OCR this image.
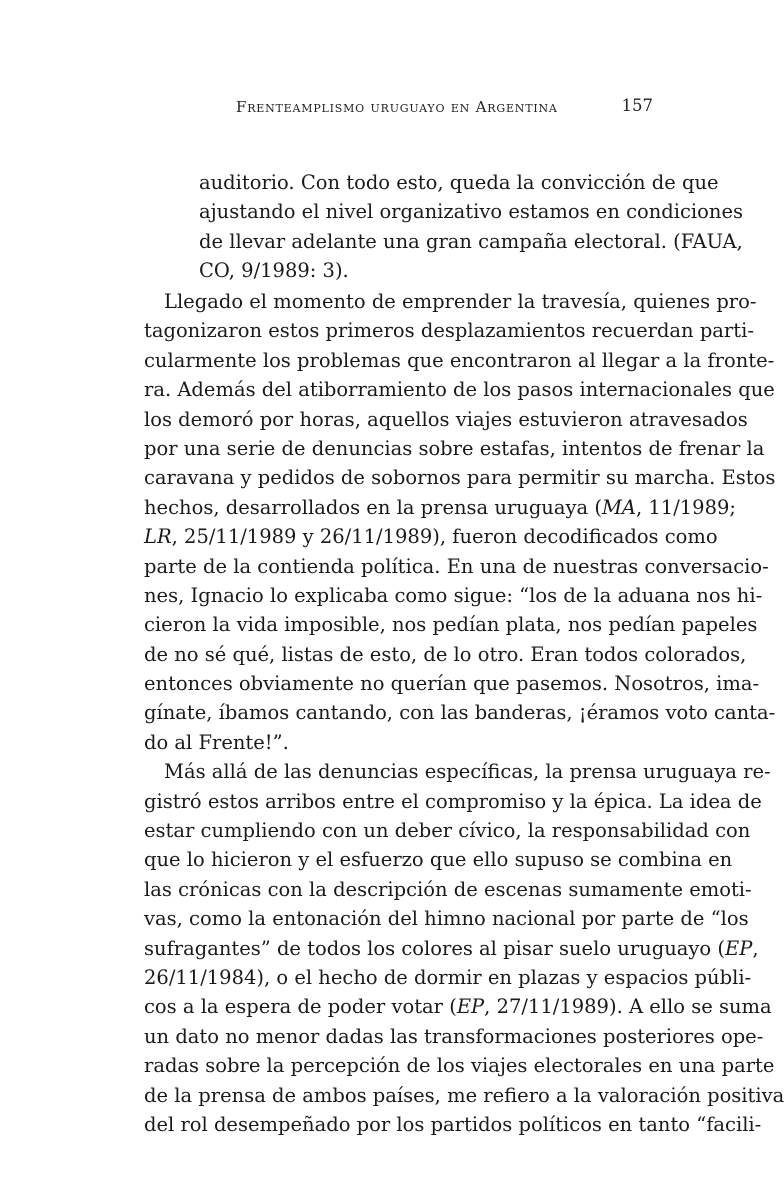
Frenteamplismo uruguayo en Argentina	157
auditorio. Con todo esto, queda la convicción de que
ajustando el nivel organizativo estamos en condiciones
de llevar adelante una gran campaña electoral. (FAUA,
CO, 9/1989: 3).
Llegado el momento de emprender la travesía, quienes pro-
tagonizaron estos primeros desplazamientos recuerdan parti-
cularmente los problemas que encontraron al llegar a la fronte-
ra. Además del atiborramiento de los pasos internacionales que
los demoró por horas, aquellos viajes estuvieron atravesados
por una serie de denuncias sobre estafas, intentos de frenar la
caravana y pedidos de sobornos para permitir su marcha. Estos
hechos, desarrollados en la prensa uruguaya (MA, 11/1989;
LR, 25/11/1989 y 26/11/1989), fueron decodificados como
parte de la contienda política. En una de nuestras conversacio-
nes, Ignacio lo explicaba como sigue: “los de la aduana nos hi-
cieron la vida imposible, nos pedían plata, nos pedían papeles
de no sé qué, listas de esto, de lo otro. Eran todos colorados,
entonces obviamente no querían que pasemos. Nosotros, ima-
gínate, íbamos cantando, con las banderas, ¡éramos voto canta-
do al Frente!”.
Más allá de las denuncias específicas, la prensa uruguaya re-
gistró estos arribos entre el compromiso y la épica. La idea de
estar cumpliendo con un deber cívico, la responsabilidad con
que lo hicieron y el esfuerzo que ello supuso se combina en
las crónicas con la descripción de escenas sumamente emoti-
vas, como la entonación del himno nacional por parte de “los
sufragantes” de todos los colores al pisar suelo uruguayo (EP,
26/11/1984), o el hecho de dormir en plazas y espacios públi-
cos a la espera de poder votar (EP, 27/11/1989). A ello se suma
un dato no menor dadas las transformaciones posteriores ope-
radas sobre la percepción de los viajes electorales en una parte
de la prensa de ambos países, me refiero a la valoración positiva
del rol desempeñado por los partidos políticos en tanto “facili-
